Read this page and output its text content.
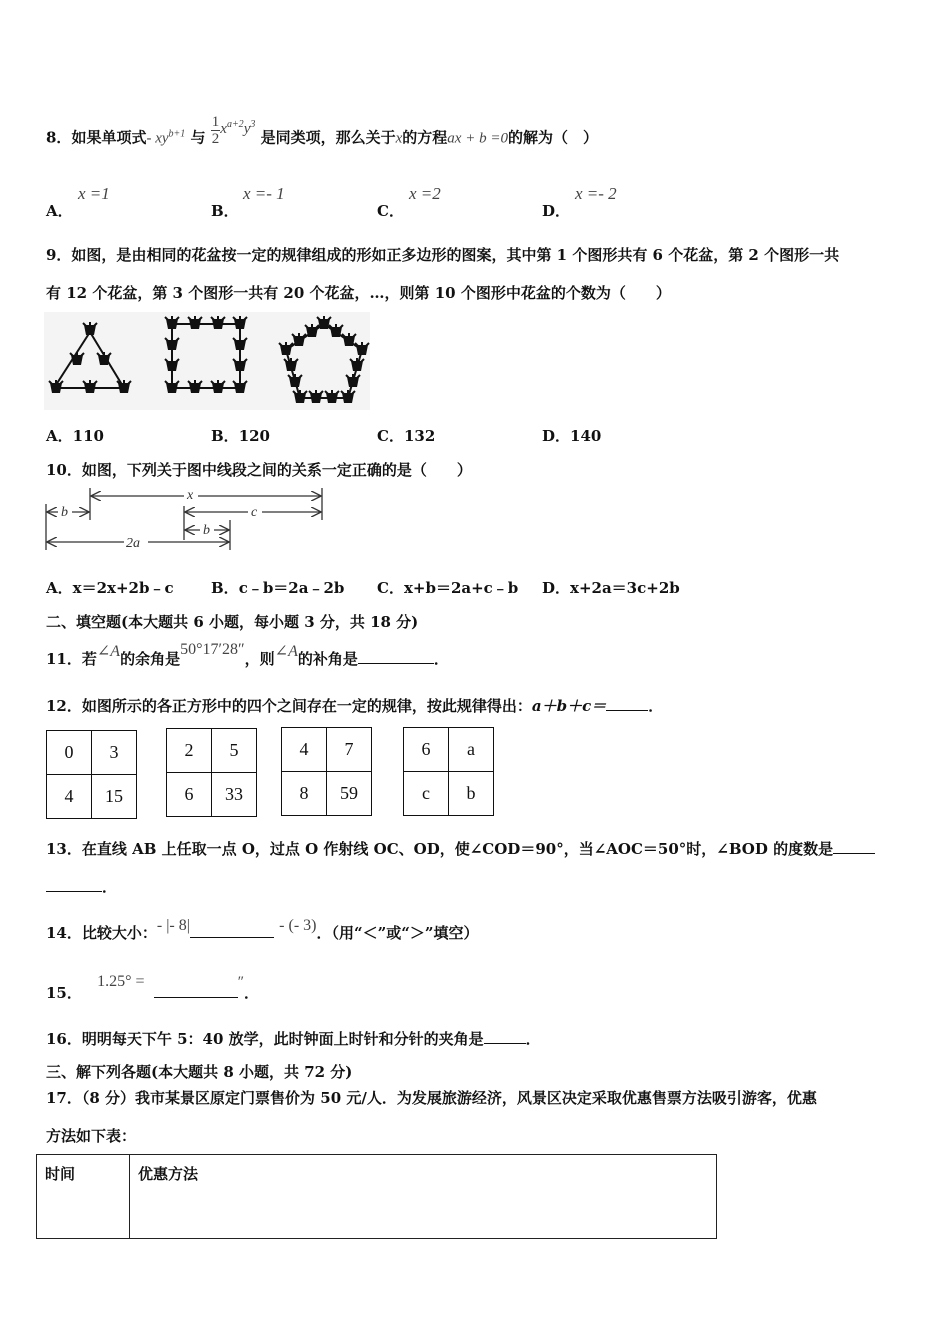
8．如果单项式- $xy^{b+1}$ 与 $\frac{1}{2} x^{a+2}y^3$ 是同类项，那么关于x的方程ax + b =0的解为（　）
A．
x =1
B．
x =- 1
C．
x =2
D．
x =- 2
9．如图，是由相同的花盆按一定的规律组成的形如正多边形的图案，其中第 1 个图形共有 6 个花盆，第 2 个图形一共
有 12 个花盆，第 3 个图形一共有 20 个花盆，…，则第 10 个图形中花盆的个数为（　　）
A．110	B．120	C．132	D．140
10．如图，下列关于图中线段之间的关系一定正确的是（　　）
x
b	c
b
2a
A．x＝2x+2b﹣c B．c﹣b＝2a﹣2b C．x+b＝2a+c﹣b D．x+2a＝3c+2b
二、填空题(本大题共 6 小题，每小题 3 分，共 18 分)
11．若∠A的余角是50°17′28″，则∠A的补角是	．
12．如图所示的各正方形中的四个之间存在一定的规律，按此规律得出：a＋b＋c＝	．
0	3
4	15
2	5
6	33
4	7
8	59
6	a
c	b
13．在直线 AB 上任取一点 O，过点 O 作射线 OC、OD，使∠COD＝90°，当∠AOC＝50°时，∠BOD 的度数是
．
14．比较大小：- |- 8|	- (- 3)．（用“＜”或“＞”填空）
15． 1.25° =	″．
16．明明每天下午 5：40 放学，此时钟面上时针和分针的夹角是	．
三、解下列各题(本大题共 8 小题，共 72 分)
17．（8 分）我市某景区原定门票售价为 50 元/人．为发展旅游经济，风景区决定采取优惠售票方法吸引游客，优惠
方法如下表：
时间	优惠方法
